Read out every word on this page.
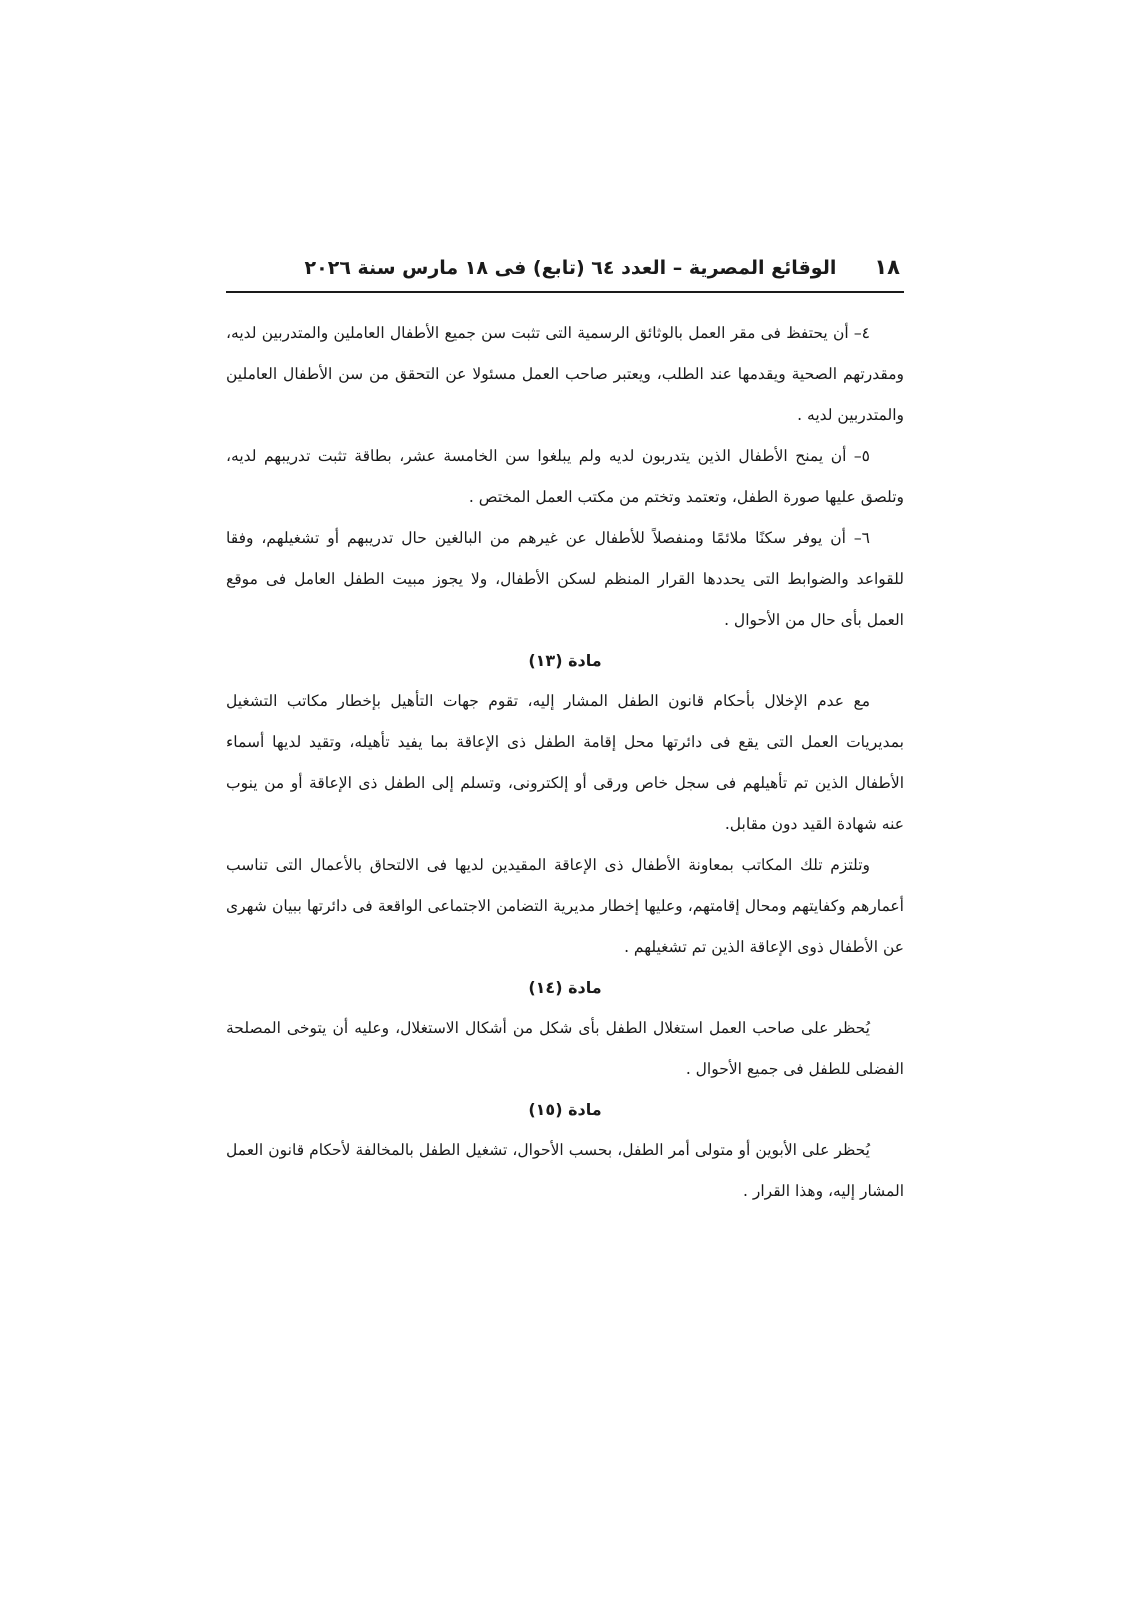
١٨
الوقائع المصرية – العدد ٦٤ (تابع) فى ١٨ مارس سنة ٢٠٢٦

٤– أن يحتفظ فى مقر العمل بالوثائق الرسمية التى تثبت سن جميع الأطفال العاملين والمتدربين لديه، ومقدرتهم الصحية ويقدمها عند الطلب، ويعتبر صاحب العمل مسئولا عن التحقق من سن الأطفال العاملين والمتدربين لديه .

٥– أن يمنح الأطفال الذين يتدربون لديه ولم يبلغوا سن الخامسة عشر، بطاقة تثبت تدريبهم لديه، وتلصق عليها صورة الطفل، وتعتمد وتختم من مكتب العمل المختص .

٦– أن يوفر سكنًا ملائمًا ومنفصلاً للأطفال عن غيرهم من البالغين حال تدريبهم أو تشغيلهم، وفقا للقواعد والضوابط التى يحددها القرار المنظم لسكن الأطفال، ولا يجوز مبيت الطفل العامل فى موقع العمل بأى حال من الأحوال .

مادة (١٣)

مع عدم الإخلال بأحكام قانون الطفل المشار إليه، تقوم جهات التأهيل بإخطار مكاتب التشغيل بمديريات العمل التى يقع فى دائرتها محل إقامة الطفل ذى الإعاقة بما يفيد تأهيله، وتقيد لديها أسماء الأطفال الذين تم تأهيلهم فى سجل خاص ورقى أو إلكترونى، وتسلم إلى الطفل ذى الإعاقة أو من ينوب عنه شهادة القيد دون مقابل.

وتلتزم تلك المكاتب بمعاونة الأطفال ذى الإعاقة المقيدين لديها فى الالتحاق بالأعمال التى تناسب أعمارهم وكفايتهم ومحال إقامتهم، وعليها إخطار مديرية التضامن الاجتماعى الواقعة فى دائرتها ببيان شهرى عن الأطفال ذوى الإعاقة الذين تم تشغيلهم .

مادة (١٤)

يُحظر على صاحب العمل استغلال الطفل بأى شكل من أشكال الاستغلال، وعليه أن يتوخى المصلحة الفضلى للطفل فى جميع الأحوال .

مادة (١٥)

يُحظر على الأبوين أو متولى أمر الطفل، بحسب الأحوال، تشغيل الطفل بالمخالفة لأحكام قانون العمل المشار إليه، وهذا القرار .
